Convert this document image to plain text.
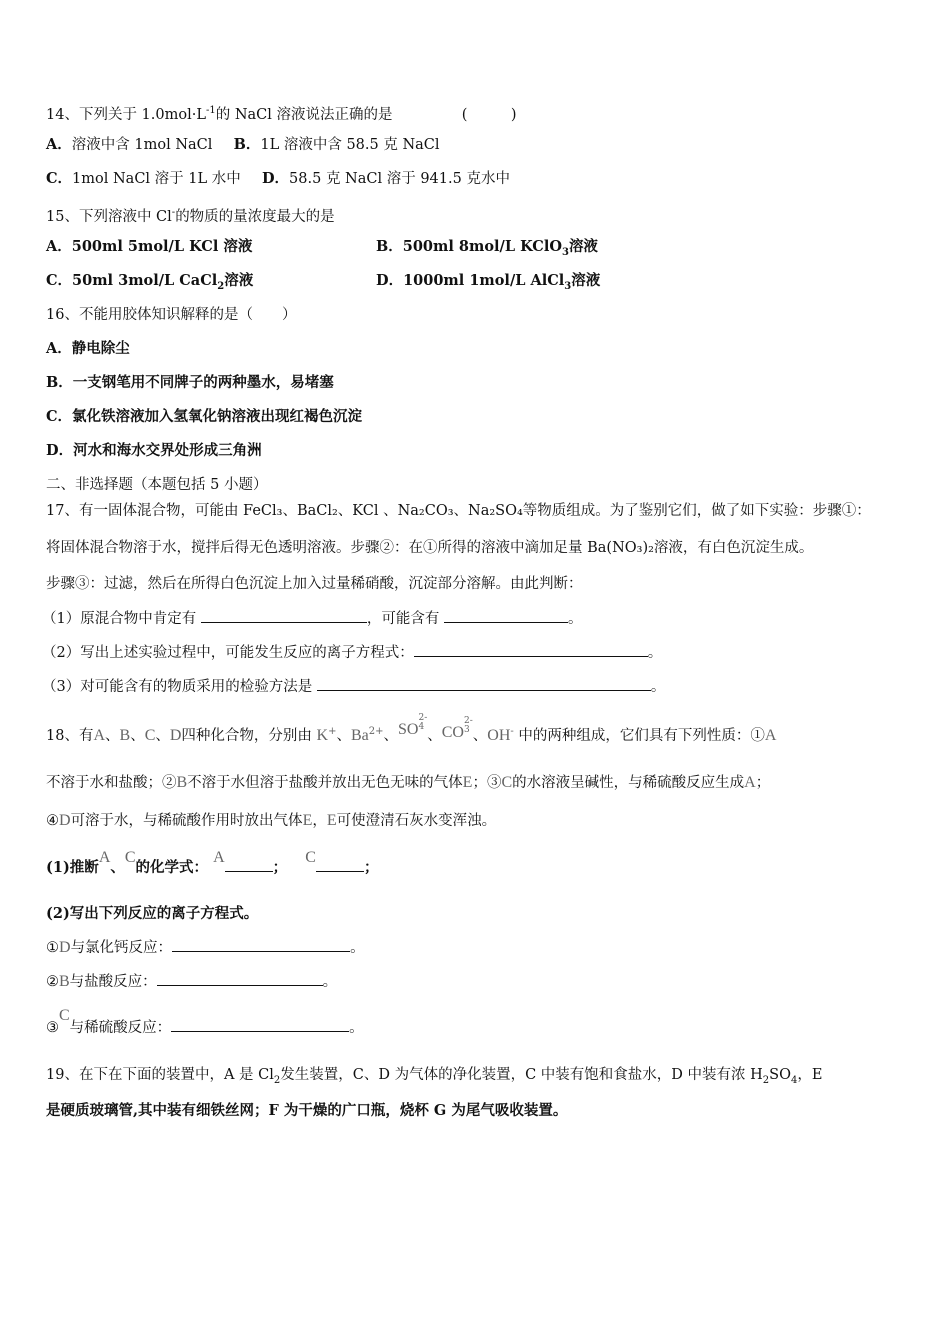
14、下列关于 $1.0mol\cdot L^{-1}$的 NaCl 溶液说法正确的是	(　　　)
A．溶液中含 1mol NaCl B．1L 溶液中含 58.5 克 NaCl
C．1mol NaCl 溶于 1L 水中 D．58.5 克 NaCl 溶于 941.5 克水中
15、下列溶液中 Cl-的物质的量浓度最大的是
A．500ml 5mol/L KCl 溶液	B．500ml 8mol/L KClO$_3$溶液
C．50ml 3mol/L CaCl$_2$溶液	D．1000ml 1mol/L AlCl$_3$溶液
16、不能用胶体知识解释的是（　　）
A．静电除尘
B．一支钢笔用不同牌子的两种墨水，易堵塞
C．氯化铁溶液加入氢氧化钠溶液出现红褐色沉淀
D．河水和海水交界处形成三角洲
二、非选择题（本题包括 5 小题）
17、有一固体混合物，可能由 FeCl₃、BaCl₂、KCl 、Na₂CO₃、Na₂SO₄等物质组成。为了鉴别它们，做了如下实验：步骤①：
将固体混合物溶于水，搅拌后得无色透明溶液。步骤②：在①所得的溶液中滴加足量 Ba(NO₃)₂溶液，有白色沉淀生成。
步骤③：过滤，然后在所得白色沉淀上加入过量稀硝酸，沉淀部分溶解。由此判断：
（1）原混合物中肯定有	，可能含有	。
（2）写出上述实验过程中，可能发生反应的离子方程式：	。
（3）对可能含有的物质采用的检验方法是	。
18、有A、B、C、D四种化合物，分别由 K+、$Ba^{2+}$、SO
2-
4
、CO
2-
3 、OH- 中的两种组成，它们具有下列性质：①A
不溶于水和盐酸；②B不溶于水但溶于盐酸并放出无色无味的气体E；③C的水溶液呈碱性，与稀硫酸反应生成A；
④D可溶于水，与稀硫酸作用时放出气体E，E可使澄清石灰水变浑浊。
(1)推断A、C的化学式： A；  C；
(2)写出下列反应的离子方程式。
①D与氯化钙反应：	。
②B与盐酸反应：	。
③C与稀硫酸反应：	。
19、在下在下面的装置中，A 是 $Cl_2$发生装置，C、D 为气体的净化装置，C 中装有饱和食盐水，D 中装有浓 $H_2SO_4$，E
是硬质玻璃管,其中装有细铁丝网；F 为干燥的广口瓶，烧杯 G 为尾气吸收装置。
